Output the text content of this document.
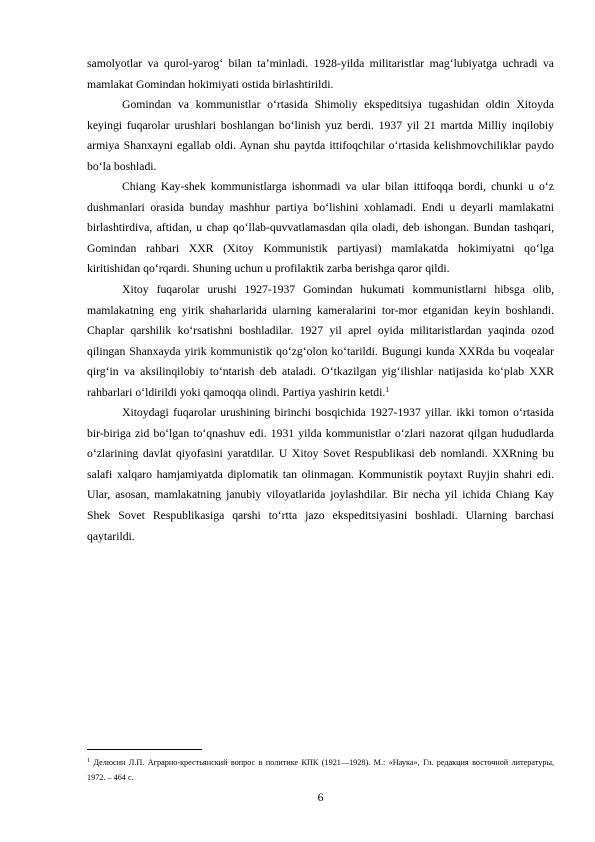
samolyotlar va qurol-yarog‘ bilan ta’minladi. 1928-yilda militaristlar mag‘lubiyatga uchradi va mamlakat Gomindan hokimiyati ostida birlashtirildi.

Gomindan va kommunistlar o‘rtasida Shimoliy ekspeditsiya tugashidan oldin Xitoyda keyingi fuqarolar urushlari boshlangan bo‘linish yuz berdi. 1937 yil 21 martda Milliy inqilobiy armiya Shanxayni egallab oldi. Aynan shu paytda ittifoqchilar o‘rtasida kelishmovchiliklar paydo bo‘la boshladi.

Chiang Kay-shek kommunistlarga ishonmadi va ular bilan ittifoqqa bordi, chunki u o‘z dushmanlari orasida bunday mashhur partiya bo‘lishini xohlamadi. Endi u deyarli mamlakatni birlashtirdiva, aftidan, u chap qo‘llab-quvvatlamasdan qila oladi, deb ishongan. Bundan tashqari, Gomindan rahbari XXR (Xitoy Kommunistik partiyasi) mamlakatda hokimiyatni qo‘lga kiritishidan qo‘rqardi. Shuning uchun u profilaktik zarba berishga qaror qildi.

Xitoy fuqarolar urushi 1927-1937 Gomindan hukumati kommunistlarni hibsga olib, mamlakatning eng yirik shaharlarida ularning kameralarini tor-mor etganidan keyin boshlandi. Chaplar qarshilik ko‘rsatishni boshladilar. 1927 yil aprel oyida militaristlardan yaqinda ozod qilingan Shanxayda yirik kommunistik qo‘zg‘olon ko‘tarildi. Bugungi kunda XXRda bu voqealar qirg‘in va aksilinqilobiy to‘ntarish deb ataladi. O‘tkazilgan yig‘ilishlar natijasida ko‘plab XXR rahbarlari o‘ldirildi yoki qamoqqa olindi. Partiya yashirin ketdi.$^1$

Xitoydagi fuqarolar urushining birinchi bosqichida 1927-1937 yillar. ikki tomon o‘rtasida bir-biriga zid bo‘lgan to‘qnashuv edi. 1931 yilda kommunistlar o‘zlari nazorat qilgan hududlarda o‘zlarining davlat qiyofasini yaratdilar. U Xitoy Sovet Respublikasi deb nomlandi. XXRning bu salafi xalqaro hamjamiyatda diplomatik tan olinmagan. Kommunistik poytaxt Ruyjin shahri edi. Ular, asosan, mamlakatning janubiy viloyatlarida joylashdilar. Bir necha yil ichida Chiang Kay Shek Sovet Respublikasiga qarshi to‘rtta jazo ekspeditsiyasini boshladi. Ularning barchasi qaytarildi.

$^1$ Делюсин Л.П. Аграрно-крестьянский вопрос в политике КПК (1921—1928). М.: «Наука», Гл. редакция восточной литературы, 1972. – 464 с.
6
